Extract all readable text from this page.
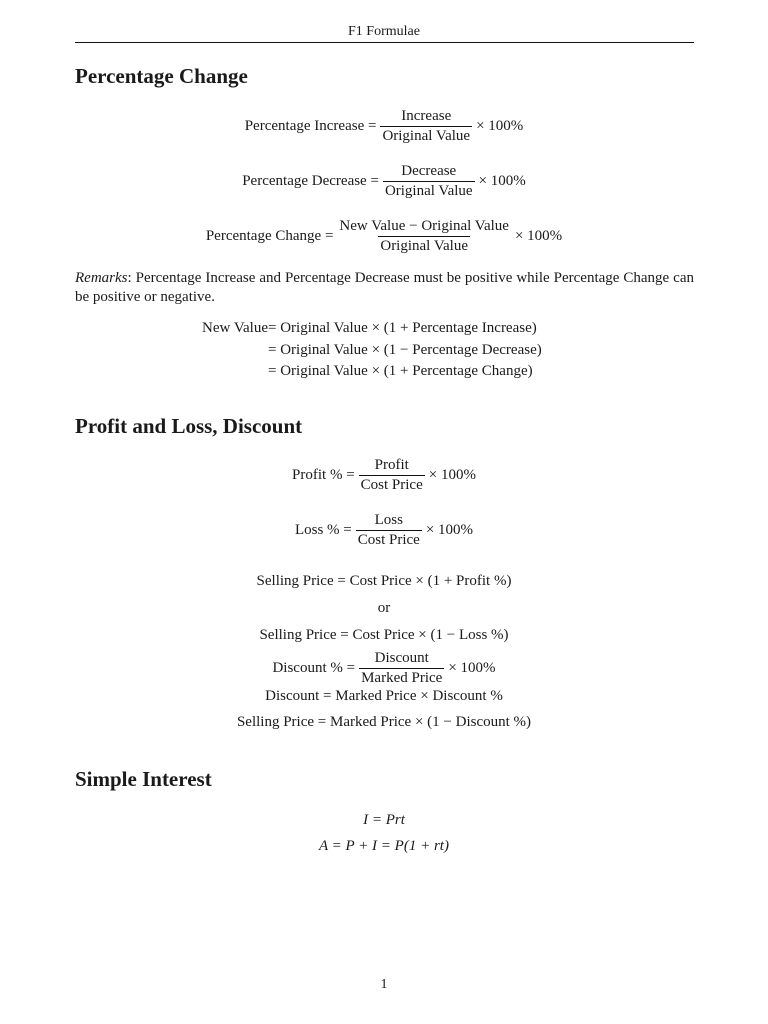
F1 Formulae
Percentage Change
Percentage Increase = $\frac{\text{Increase}}{\text{Original Value}} \times 100\%$
Percentage Decrease = $\frac{\text{Decrease}}{\text{Original Value}} \times 100\%$
Percentage Change = $\frac{\text{New Value − Original Value}}{\text{Original Value}} \times 100\%$

Remarks: Percentage Increase and Percentage Decrease must be positive while Percentage Change can be positive or negative.

New Value = Original Value × (1 + Percentage Increase)
= Original Value × (1 − Percentage Decrease)
= Original Value × (1 + Percentage Change)
Profit and Loss, Discount
Profit % = $\frac{\text{Profit}}{\text{Cost Price}} \times 100\%$
Loss % = $\frac{\text{Loss}}{\text{Cost Price}} \times 100\%$
Selling Price = Cost Price × (1 + Profit %)
or
Selling Price = Cost Price × (1 − Loss %)
Discount % = $\frac{\text{Discount}}{\text{Marked Price}} \times 100\%$
Discount = Marked Price × Discount %
Selling Price = Marked Price × (1 − Discount %)
Simple Interest
I = Prt
A = P + I = P(1 + rt)
1
